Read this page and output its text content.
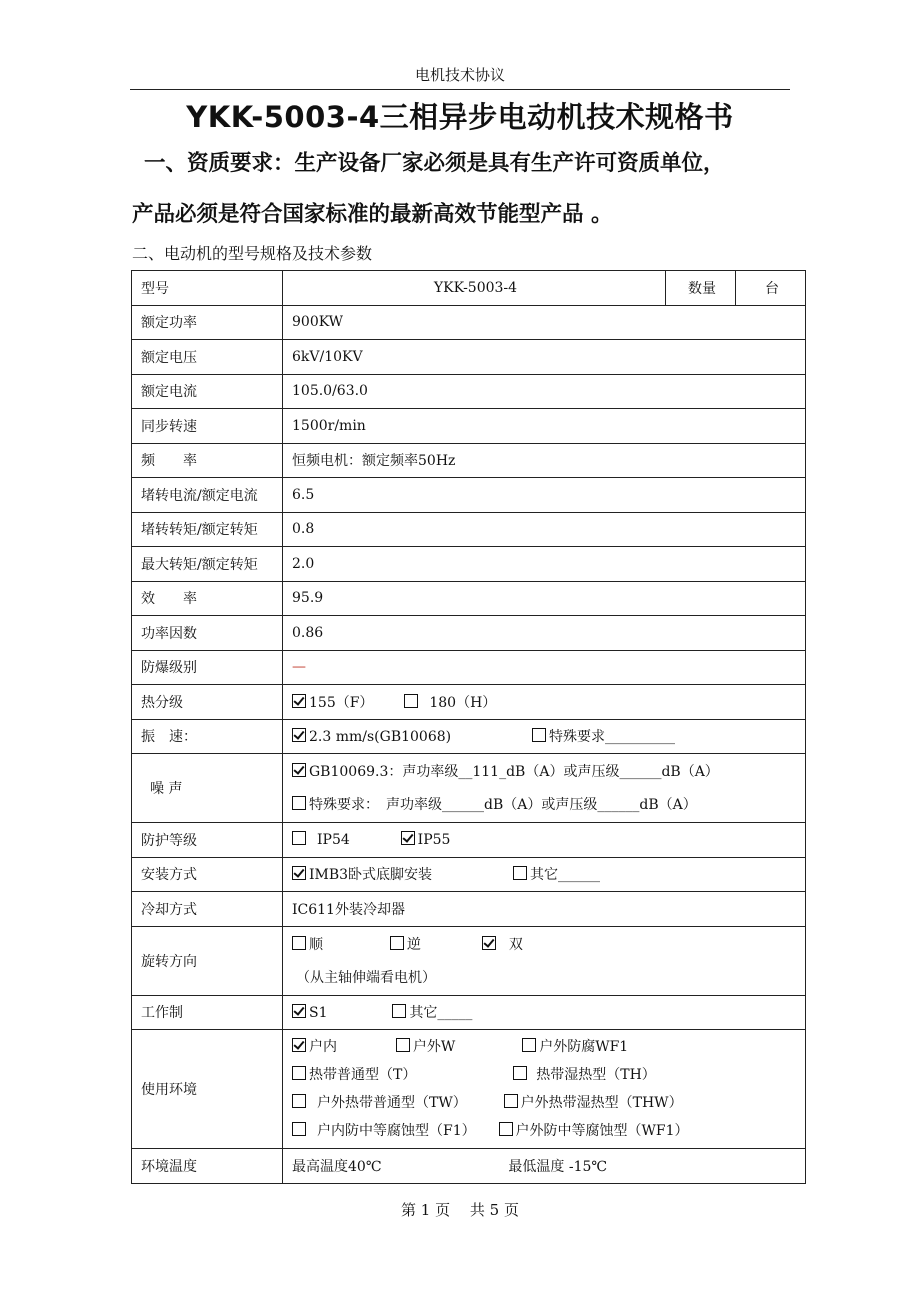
电机技术协议
YKK-5003-4三相异步电动机技术规格书
一、资质要求：生产设备厂家必须是具有生产许可资质单位，
产品必须是符合国家标准的最新高效节能型产品 。
二、电动机的型号规格及技术参数
型号	YKK-5003-4	数量	台
额定功率	900KW		
额定电压	6kV/10KV		
额定电流	105.0/63.0		
同步转速	1500r/min		
频　　率	恒频电机：额定频率50Hz		
堵转电流/额定电流	6.5		
堵转转矩/额定转矩	0.8		
最大转矩/额定转矩	2.0		
效　　率	95.9		
功率因数	0.86		
防爆级别	—		
热分级	155（F） 180（H）		
振　速：	2.3 mm/s(GB10068) 特殊要求__________		
噪 声	GB10069.3：声功率级__111_dB（A）或声压级______dB（A）
特殊要求：　声功率级______dB（A）或声压级______dB（A）		

防护等级	IP54 IP55		
安装方式	IMB3卧式底脚安装 其它______		
冷却方式	IC611外装冷却器		
旋转方向	顺 逆 双
（从主轴伸端看电机）		

工作制	S1 其它_____		
使用环境	户内 户外W 户外防腐WF1
热带普通型（T） 热带湿热型（TH）
户外热带普通型（TW） 户外热带湿热型（THW）
户内防中等腐蚀型（F1） 户外防中等腐蚀型（WF1）		

环境温度	最高温度40℃ 最低温度 -15℃		
第 1 页　 共 5 页
